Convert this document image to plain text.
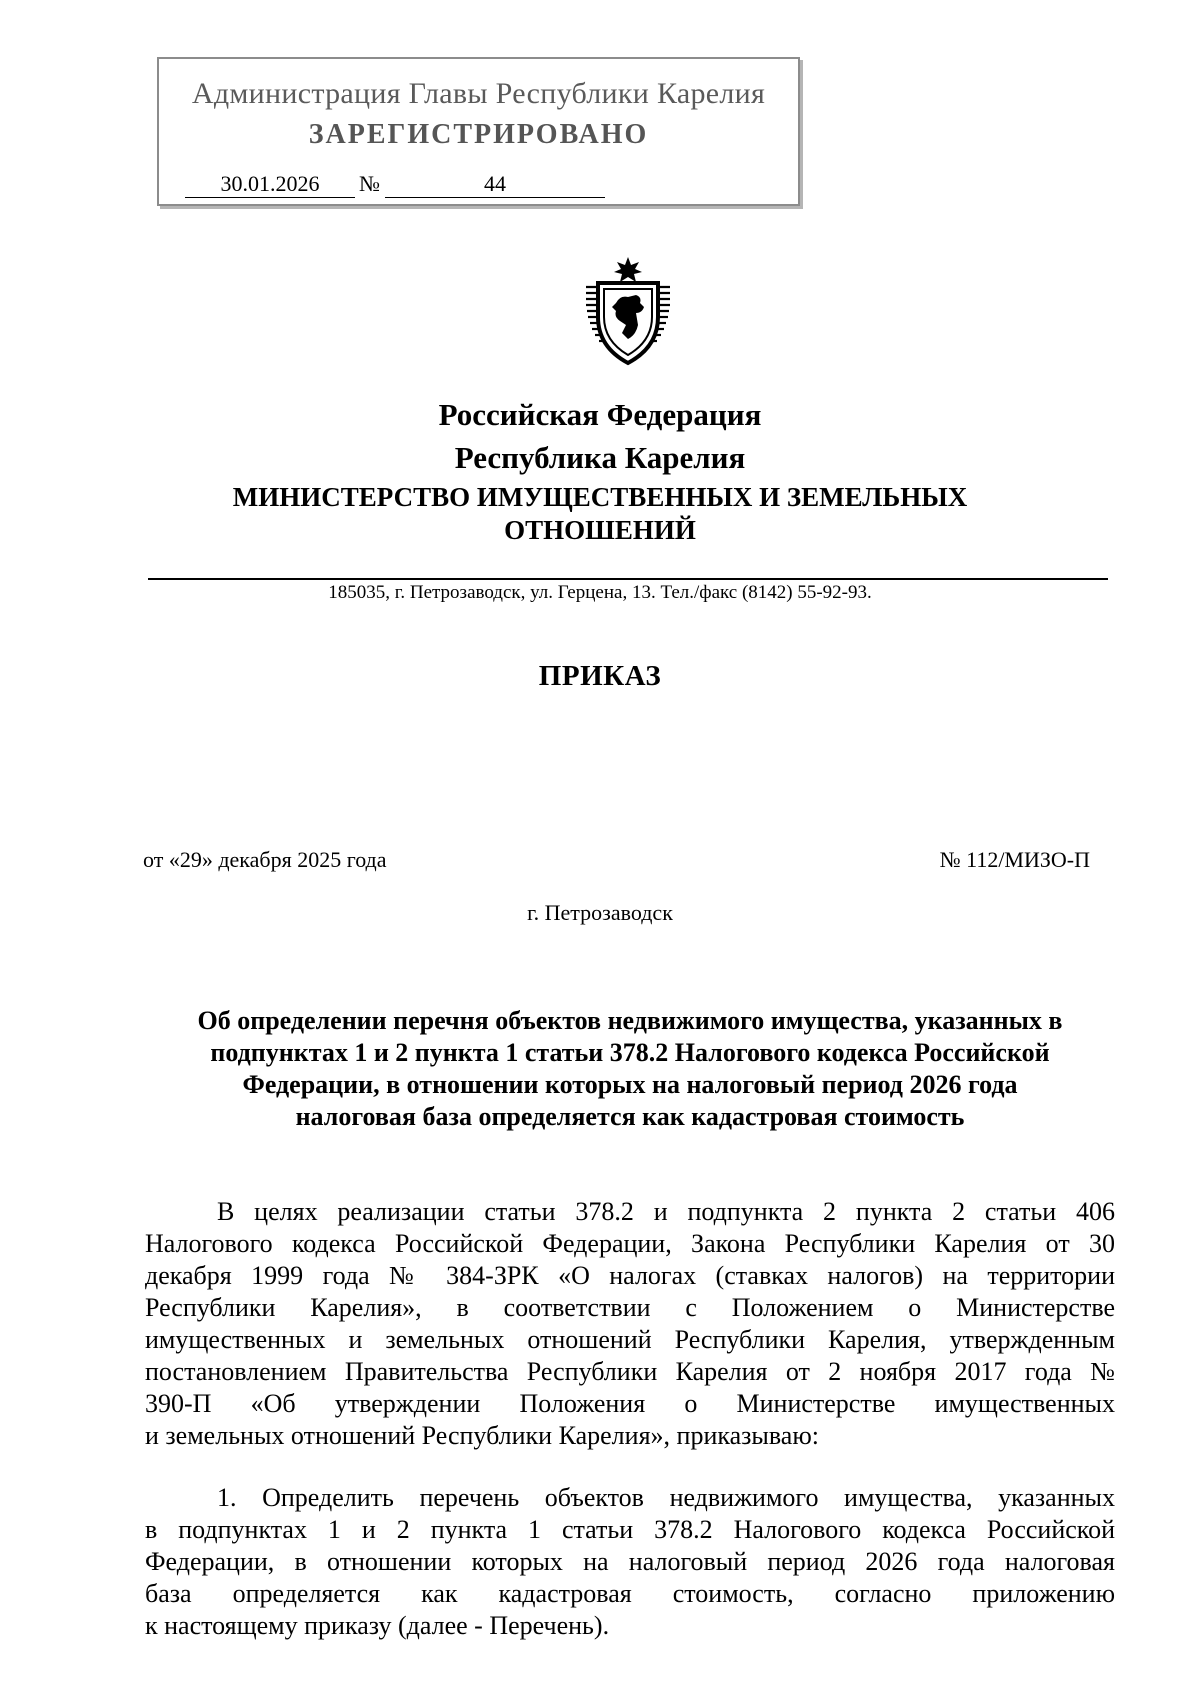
Администрация Главы Республики Карелия
ЗАРЕГИСТРИРОВАНО
30.01.2026	№	44
Российская Федерация
Республика Карелия
МИНИСТЕРСТВО ИМУЩЕСТВЕННЫХ И ЗЕМЕЛЬНЫХ
ОТНОШЕНИЙ
185035, г. Петрозаводск, ул. Герцена, 13. Тел./факс (8142) 55-92-93.
ПРИКАЗ
от «29» декабря 2025 года	№ 112/МИЗО-П
г. Петрозаводск
Об определении перечня объектов недвижимого имущества, указанных в
подпунктах 1 и 2 пункта 1 статьи 378.2 Налогового кодекса Российской
Федерации, в отношении которых на налоговый период 2026 года
налоговая база определяется как кадастровая стоимость
В целях реализации статьи 378.2 и подпункта 2 пункта 2 статьи 406
Налогового кодекса Российской Федерации, Закона Республики Карелия от 30
декабря 1999 года № 384-ЗРК «О налогах (ставках налогов) на территории
Республики Карелия», в соответствии с Положением о Министерстве
имущественных и земельных отношений Республики Карелия, утвержденным
постановлением Правительства Республики Карелия от 2 ноября 2017 года №
390-П «Об утверждении Положения о Министерстве имущественных
и земельных отношений Республики Карелия», приказываю:
1. Определить перечень объектов недвижимого имущества, указанных
в подпунктах 1 и 2 пункта 1 статьи 378.2 Налогового кодекса Российской
Федерации, в отношении которых на налоговый период 2026 года налоговая
база определяется как кадастровая стоимость, согласно приложению
к настоящему приказу (далее - Перечень).
